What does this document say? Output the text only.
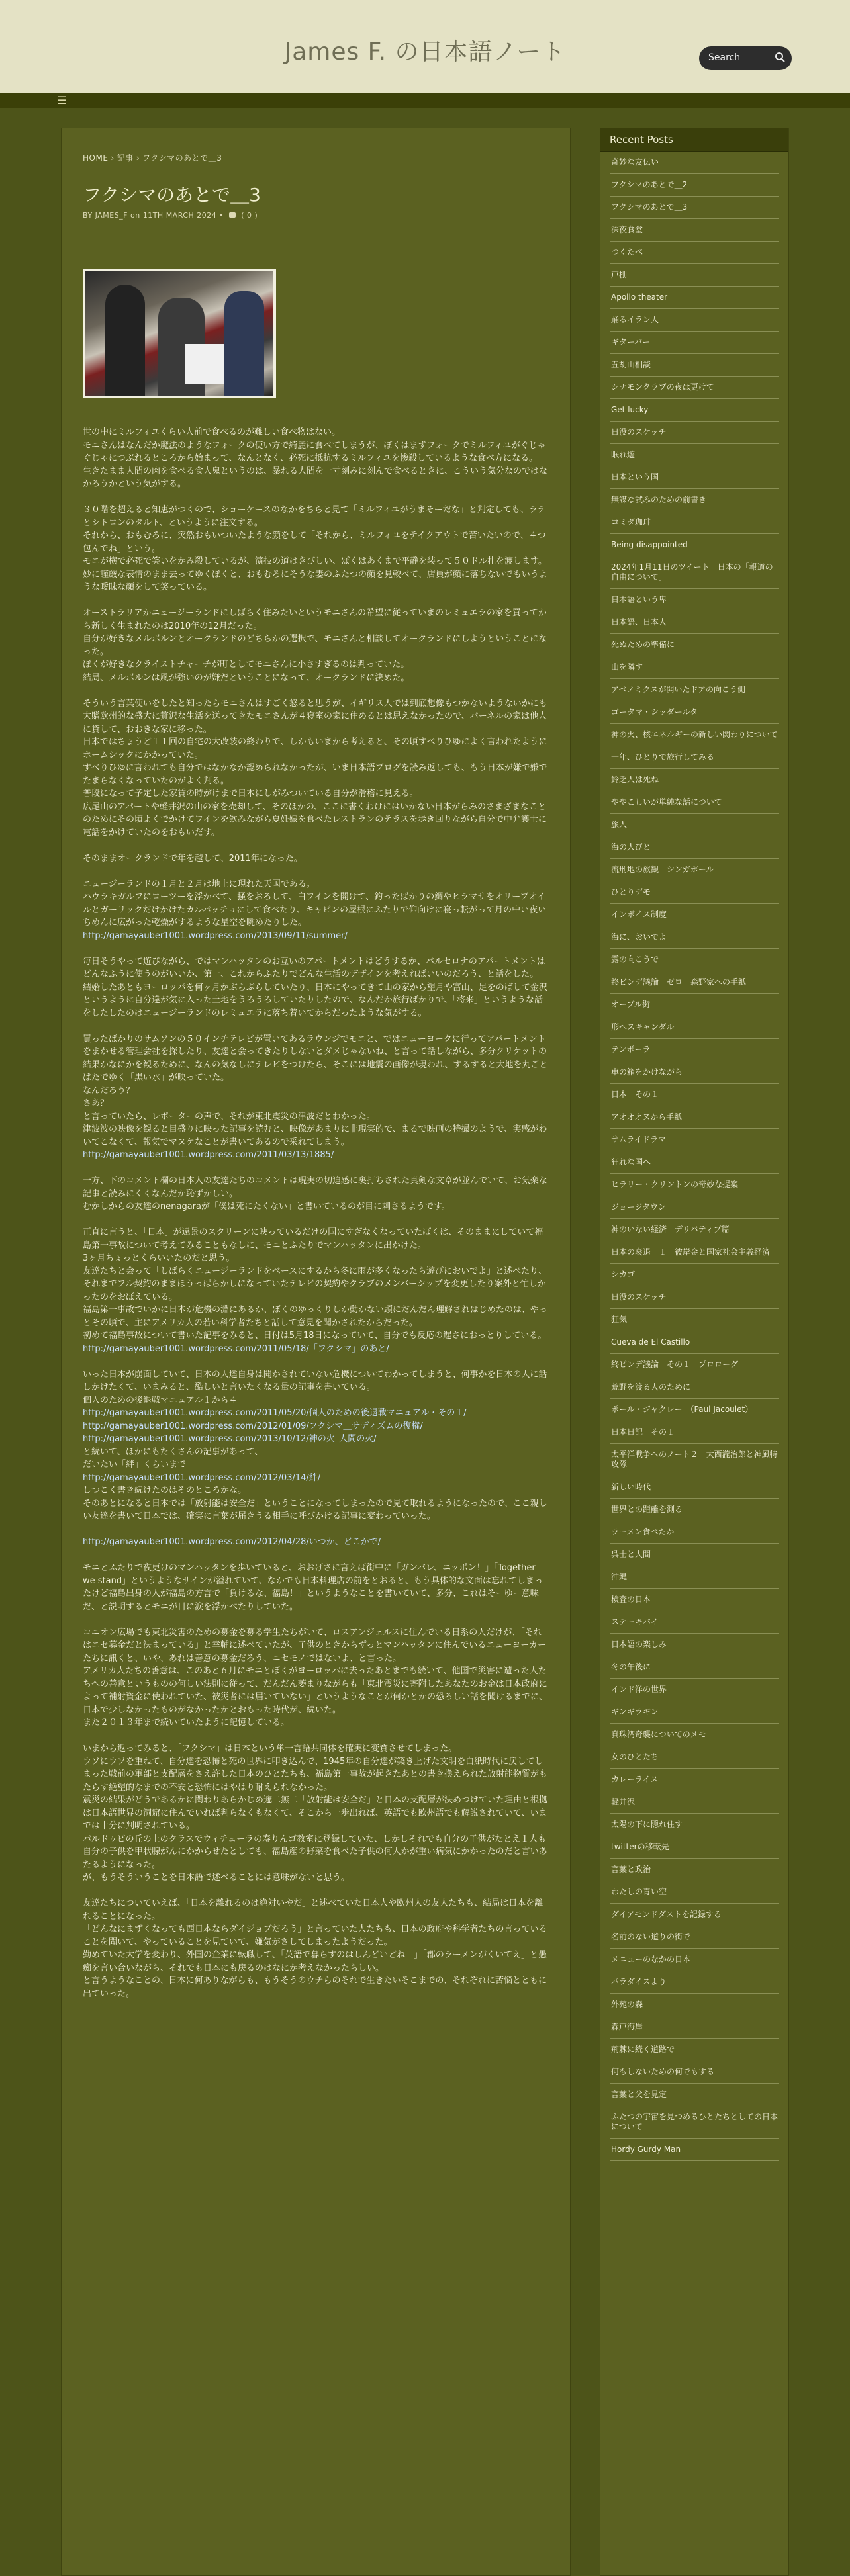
James F. の日本語ノート	Search
☰
HOME › 記事 › フクシマのあとで＿3
フクシマのあとで＿3
BY JAMES_F on 11TH MARCH 2024 •  ( 0 )

世の中にミルフィユくらい人前で食べるのが難しい食べ物はない。
モニさんはなんだか魔法のようなフォークの使い方で綺麗に食べてしまうが、ぼくはまずフォークでミルフィユがぐじゃぐじゃにつぶれるところから始まって、なんとなく、必死に抵抗するミルフィユを惨殺しているような食べ方になる。
生きたまま人間の肉を食べる食人鬼というのは、暴れる人間を一寸刻みに刻んで食べるときに、こういう気分なのではなかろうかという気がする。

３０階を超えると知恵がつくので、ショーケースのなかをちらと見て「ミルフィユがうまそーだな」と判定しても、ラテとシトロンのタルト、というように注文する。
それから、おもむろに、突然おもいついたような顔をして「それから、ミルフィユをテイクアウトで苦いたいので、４つ包んでね」という。
モニが横で必死で笑いをかみ殺しているが、演技の道はきびしい、ぼくはあくまで平静を装って５０ドル札を渡します。
妙に謹厳な表情のまま去ってゆくぼくと、おもむろにそうな妻のふたつの顔を見較べて、店員が顔に落ちないでもいうような曖昧な顔をして笑っている。

オーストラリアかニュージーランドにしばらく住みたいというモニさんの希望に従っていまのレミュエラの家を買ってから新しく生まれたのは2010年の12月だった。
自分が好きなメルボルンとオークランドのどちらかの選択で、モニさんと相談してオークランドにしようということになった。
ぼくが好きなクライストチャーチが町としてモニさんに小さすぎるのは判っていた。
結局、メルボルンは風が強いのが嫌だということになって、オークランドに決めた。

そういう言葉使いをしたと知ったらモニさんはすごく怒ると思うが、イギリス人では到底想像もつかないようないかにも大贈欧州的な盛大に贅沢な生活を送ってきたモニさんが４寝室の家に住めるとは思えなかったので、パーネルの家は他人に貸して、おおきな家に移った。
日本ではちょうど１１回の自宅の大改装の終わりで、しかもいまから考えると、その頃すべりひゆによく言われたようにホームシックにかかっていた。
すべりひゆに言われても自分ではなかなか認められなかったが、いま日本語ブログを読み返しても、もう日本が嫌で嫌でたまらなくなっていたのがよく判る。
普段になって予定した家賃の時がけまで日本にしがみついている自分が滑稽に見える。
広尾山のアパートや軽井沢の山の家を売却して、そのほかの、ここに書くわけにはいかない日本がらみのさまざまなことのためにその頃よくでかけてワインを飲みながら夏妊娠を食べたレストランのテラスを歩き回りながら自分で中弁護士に電話をかけていたのをおもいだす。

そのままオークランドで年を越して、2011年になった。

ニュージーランドの１月と２月は地上に現れた天国である。
ハウラキガルフにローツーを浮かべて、掻をおろして、白ワインを開けて、釣ったばかりの鯛やヒラマサをオリーブオイルとガーリックだけかけたカルパッチョにして食べたり、キャビンの屋根にふたりで仰向けに寝っ転がって月の中い夜いちめんに広がった乾燥がするような星空を眺めたりした。
http://gamayauber1001.wordpress.com/2013/09/11/summer/

毎日そうやって遊びながら、ではマンハッタンのお互いのアパートメントはどうするか、バルセロナのアパートメントはどんなふうに使うのがいいか、第一、これからふたりでどんな生活のデザインを考えればいいのだろう、と話をした。
結婚したあともヨーロッパを何ヶ月かぶらぶらしていたり、日本にやってきて山の家から望月や富山、足をのばして金沢というように自分達が気に入った土地をうろうろしていたりしたので、なんだか旅行ばかりで、「将来」というような話をしたしたのはニュージーランドのレミュエラに落ち着いてからだったような気がする。

買ったばかりのサムソンの５０インチテレビが置いてあるラウンジでモニと、ではニューヨークに行ってアパートメントをまかせる管理会社を探したり、友達と会ってきたりしないとダメじゃないね、と言って話しながら、多分クリケットの結果かなにかを観るために、なんの気なしにテレビをつけたら、そこには地震の画像が現われ、するすると大地を丸ごとぱたでゆく「黒い水」が映っていた。
なんだろう？
さあ？
と言っていたら、レポーターの声で、それが東北震災の津波だとわかった。
津波波の映像を観ると目盛りに映った記事を読むと、映像があまりに非現実的で、まるで映画の特撮のようで、実感がわいてこなくて、報気でマヌケなことが書いてあるので采れてしまう。
http://gamayauber1001.wordpress.com/2011/03/13/1885/

一方、下のコメント欄の日本人の友達たちのコメントは現実の切迫感に裏打ちされた真剣な文章が並んでいて、お気楽な記事と読みにくくなんだか恥ずかしい。
むかしからの友達のnenagaraが「僕は死にたくない」と書いているのが目に刺さるようです。

正直に言うと、「日本」が遠景のスクリーンに映っているだけの国にすぎなくなっていたぼくは、そのままにしていて福島第一事故について考えてみることもなしに、モニとふたりでマンハッタンに出かけた。
3ヶ月ちょっとくらいいたのだと思う。
友達たちと会って「しばらくニュージーランドをベースにするから冬に雨が多くなったら遊びにおいでよ」と述べたり、それまでフル契約のままほうっぱらかしになっていたテレビの契約やクラブのメンバーシップを変更したり案外と忙しかったのをおぼえている。
福島第一事故でいかに日本が危機の淵にあるか、ぼくのゆっくりしか動かない頭にだんだん理解されはじめたのは、やっとその頃で、主にアメリカ人の若い科学者たちと話して意見を聞かされたからだった。
初めて福島事故について書いた記事をみると、日付は5月18日になっていて、自分でも反応の遅さにおっとりしている。
http://gamayauber1001.wordpress.com/2011/05/18/「フクシマ」のあと/

いった日本が崩面していて、日本の人達自身は聞かされていない危機についてわかってしまうと、何事かを日本の人に話しかけたくて、いまみると、酷しいと言いたくなる量の記事を書いている。
個人のための後退戦マニュアル１から４
http://gamayauber1001.wordpress.com/2011/05/20/個人のための後退戦マニュアル・その１/
http://gamayauber1001.wordpress.com/2012/01/09/フクシマ＿サディズムの復権/
http://gamayauber1001.wordpress.com/2013/10/12/神の火_人間の火/
と続いて、ほかにもたくさんの記事があって、
だいたい「絆」くらいまで
http://gamayauber1001.wordpress.com/2012/03/14/絆/
しつこく書き続けたのはそのところかな。
そのあとになると日本では「放射能は安全だ」ということになってしまったので見て取れるようになったので、ここ親しい友達を書いて日本では、確実に言葉が届きうる相手に呼びかける記事に変わっていった。

http://gamayauber1001.wordpress.com/2012/04/28/いつか、どこかで/

モニとふたりで夜更けのマンハッタンを歩いていると、おおげさに言えば街中に「ガンバレ、ニッポン！」「Together we stand」というようなサインが溢れていて、なかでも日本料理店の前をとおると、もう具体的な文面は忘れてしまったけど福島出身の人が福島の方言で「負けるな、福島！」というようなことを書いていて、多分、これはそーゆー意味だ、と説明するとモニが目に涙を浮かべたりしていた。

コニオン広場でも東北災害のための募金を募る学生たちがいて、ロスアンジェルスに住んでいる日系の人だけが、「それはニセ募金だと決まっている」と幸輔に述べていたが、子供のときからずっとマンハッタンに住んでいるニューヨーカーたちに訊くと、いや、あれは善意の募金だろう、ニセモノではないよ、と言った。
アメリカ人たちの善意は、このあと６月にモニとぼくがヨーロッパに去ったあとまでも続いて、他国で災害に遭った人たちへの善意というものの何しい法則に従って、だんだん萎まりながらも「東北震災に寄附したあなたのお金は日本政府によって補射資金に使われていた、被災者には届いていない」というようなことが何かとかの恐ろしい話を聞けるまでに、日本で少しなかったものがなかったかとおもった時代が、続いた。
また２０１３年まで続いていたように記憶している。

いまから返ってみると、「フクシマ」は日本という単一言語共同体を確実に変質させてしまった。
ウソにウソを重ねて、自分達を恐怖と死の世界に叩き込んで、1945年の自分達が築き上げた文明を白紙時代に戻してしまった戦前の軍部と支配層をさえ許した日本のひとたちも、福島第一事故が起きたあとの書き換えられた放射能物質がもたらす絶望的なまでの不安と恐怖にはやはり耐えられなかった。
震災の結果がどうであるかに関わりあらかじめ遮二無二「放射能は安全だ」と日本の支配層が決めつけていた理由と根拠は日本語世界の洞窟に住んでいれば判らなくもなくて、そこから一歩出れば、英語でも欧州語でも解説されていて、いまでは十分に判明されている。
パルドゥビの丘の上のクラスでウィチェーラの寿りんゴ教室に登録していた、しかしそれでも自分の子供がたとえ１人も自分の子供を甲状腺がんにかからせたとしても、福島産の野菜を食べた子供の何人かが重い病気にかかったのだと言いあたるようになった。
が、もうそういうことを日本語で述べることには意味がないと思う。

友達たちについていえば、「日本を離れるのは絶対いやだ」と述べていた日本人や欧州人の友人たちも、結局は日本を離れることになった。
「どんなにまずくなっても西日本ならダイジョブだろう」と言っていた人たちも、日本の政府や科学者たちの言っていることを聞いて、やっていることを見ていて、嫌気がさしてしまったようだった。
勤めていた大学を変わり、外国の企業に転職して、「英語で暮らすのはしんどいどね―」「郡のラーメンがくいてえ」と愚痴を言い合いながら、それでも日本にも戻るのはなにか考えなかったらしい。
と言うようなことの、日本に何ありながらも、もうそうのウチらのそれで生きたいそこまでの、それぞれに苦悩とともに出ていった。

Recent Posts
奇妙な友伝い
フクシマのあとで＿2
フクシマのあとで＿3
深夜食堂
つくたべ
戸棚
Apollo theater
踊るイラン人
ギターバー
五胡山相談
シナモンクラブの夜は更けて
Get lucky
日没のスケッチ
眠れ遊
日本という国
無謀な試みのための前書き
コミダ珈琲
Being disappointed
2024年1月11日のツイート　日本の「報道の自由について」
日本語という卑
日本語、日本人
死ぬための準備に
山を隣す
アベノミクスが開いたドアの向こう側
ゴータマ・シッダールタ
神の火、核エネルギーの新しい関わりについて
一年、ひとりで旅行してみる
鈴乏人は死ね
ややこしいが単純な話について
旅人
海の人びと
流刑地の旅観　シンガポール
ひとりデモ
インボイス制度
海に、おいでよ
露の向こうで
終ビンデ議論　ゼロ　森野家への手紙
オーブル街
形へスキャンダル
テンボーラ
車の箱をかけながら
日本　その１
アオオオヌから手紙
サムライドラマ
狂れな国へ
ヒラリー・クリントンの奇妙な提案
ジョージタウン
神のいない経済＿デリバティブ篇
日本の衰退　１　彼岸金と国家社会主義経済
シカゴ
日没のスケッチ
狂気
Cueva de El Castillo
終ビンデ議論　その１　プロローグ
荒野を渡る人のために
ポール・ジャクレー　（Paul Jacoulet）
日本日記　その１
太平洋戦争へのノート２　大西瀧治郎と神風特攻隊
新しい時代
世界との距離を測る
ラーメン食べたか
呉士と人間
沖縄
検査の日本
ステーキバイ
日本語の楽しみ
冬の午後に
インド洋の世界
ギンギラギン
真珠湾奇襲についてのメモ
女のひとたち
カレーライス
軽井沢
太陽の下に隠れ住す
twitterの移転先
言葉と政治
わたしの青い空
ダイアモンドダストを記録する
名前のない道りの街で
メニューのなかの日本
パラダイスより
外苑の森
森戸海岸
荊棘に続く道路で
何もしないための何でもする
言葉と父を見定
ふたつの宇宙を見つめるひとたちとしての日本について
Hordy Gurdy Man
